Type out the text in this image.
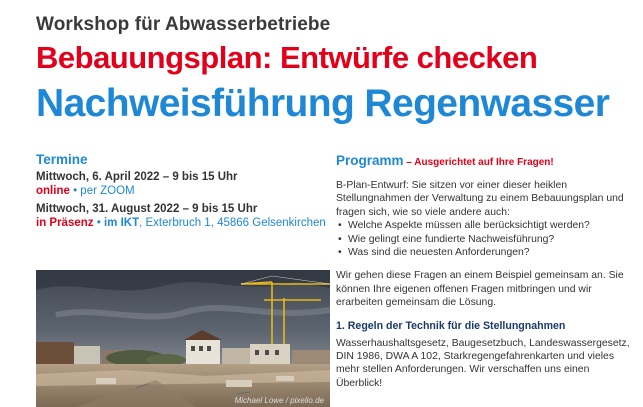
Workshop für Abwasserbetriebe
Bebauungsplan: Entwürfe checken
Nachweisführung Regenwasser
Termine
Mittwoch, 6. April 2022 – 9 bis 15 Uhr
online • per ZOOM
Mittwoch, 31. August 2022 – 9 bis 15 Uhr
in Präsenz • im IKT, Exterbruch 1, 45866 Gelsenkirchen
Michael Lowe / pixelio.de
Programm – Ausgerichtet auf Ihre Fragen!
B-Plan-Entwurf: Sie sitzen vor einer dieser heiklen Stellungnahmen der Verwaltung zu einem Bebauungsplan und fragen sich, wie so viele andere auch:
• Welche Aspekte müssen alle berücksichtigt werden?
• Wie gelingt eine fundierte Nachweisführung?
• Was sind die neuesten Anforderungen?
Wir gehen diese Fragen an einem Beispiel gemeinsam an. Sie können Ihre eigenen offenen Fragen mitbringen und wir erarbeiten gemeinsam die Lösung.
1. Regeln der Technik für die Stellungnahmen
Wasserhaushaltsgesetz, Baugesetzbuch, Landeswassergesetz, DIN 1986, DWA A 102, Starkregengefahrenkarten und vieles mehr stellen Anforderungen. Wir verschaffen uns einen Überblick!
